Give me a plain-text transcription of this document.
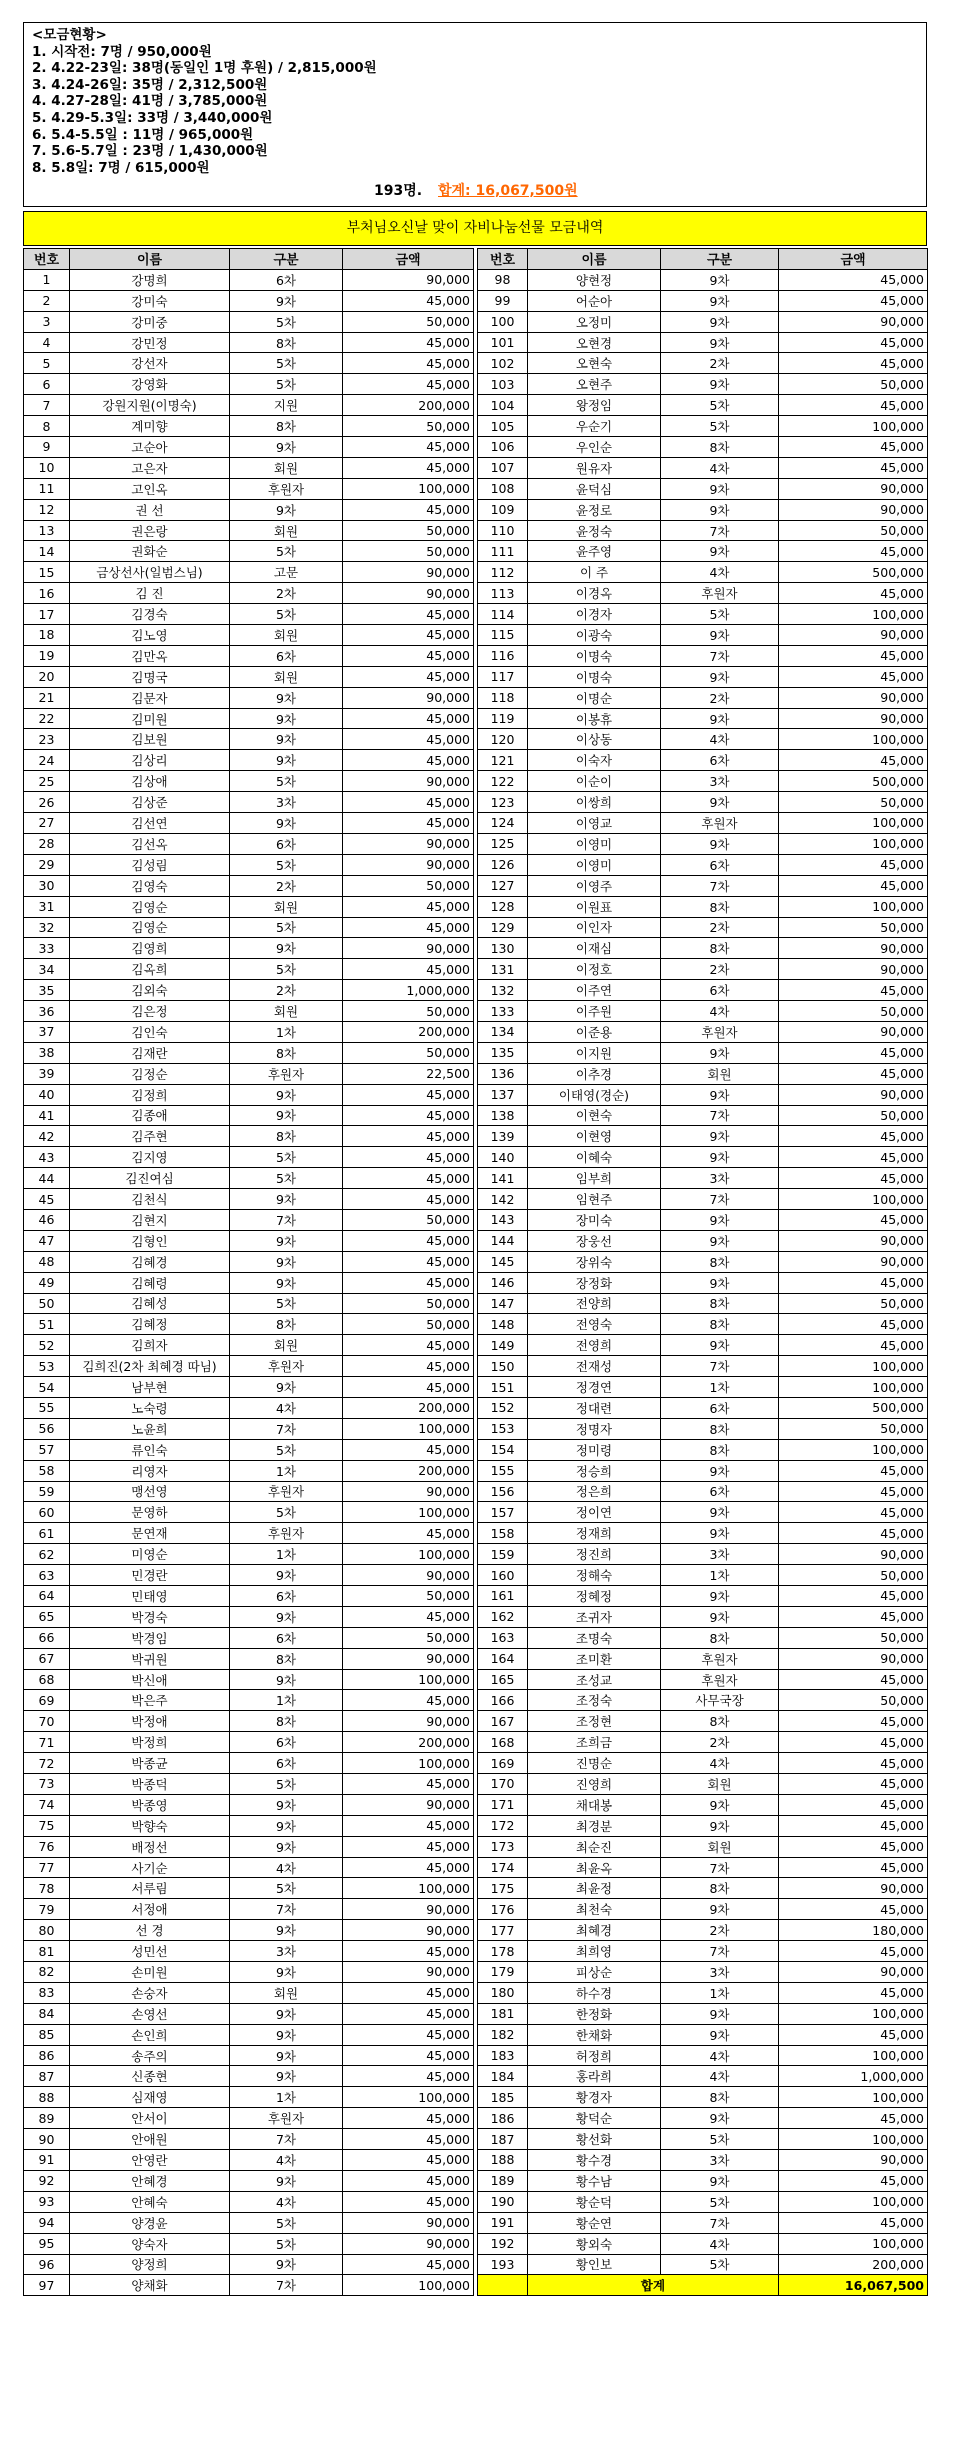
<모금현황>
1. 시작전: 7명 / 950,000원
2. 4.22-23일: 38명(동일인 1명 후원) / 2,815,000원
3. 4.24-26일: 35명 / 2,312,500원
4. 4.27-28일: 41명 / 3,785,000원
5. 4.29-5.3일: 33명 / 3,440,000원
6. 5.4-5.5일 : 11명 / 965,000원
7. 5.6-5.7일 : 23명 / 1,430,000원
8. 5.8일: 7명 / 615,000원
193명. 합계: 16,067,500원
부처님오신날 맞이 자비나눔선물 모금내역
번호	이름	구분	금액
1	강명희	6차	90,000
2	강미숙	9차	45,000
3	강미중	5차	50,000
4	강민정	8차	45,000
5	강선자	5차	45,000
6	강영화	5차	45,000
7	강원지원(이명숙)	지원	200,000
8	계미향	8차	50,000
9	고순아	9차	45,000
10	고은자	회원	45,000
11	고인옥	후원자	100,000
12	권 선	9차	45,000
13	권은랑	회원	50,000
14	권화순	5차	50,000
15	금상선사(일범스님)	고문	90,000
16	김 진	2차	90,000
17	김경숙	5차	45,000
18	김노영	회원	45,000
19	김만옥	6차	45,000
20	김명국	회원	45,000
21	김문자	9차	90,000
22	김미원	9차	45,000
23	김보원	9차	45,000
24	김상리	9차	45,000
25	김상애	5차	90,000
26	김상준	3차	45,000
27	김선연	9차	45,000
28	김선옥	6차	90,000
29	김성림	5차	90,000
30	김영숙	2차	50,000
31	김영순	회원	45,000
32	김영순	5차	45,000
33	김영희	9차	90,000
34	김옥희	5차	45,000
35	김외숙	2차	1,000,000
36	김은정	회원	50,000
37	김인숙	1차	200,000
38	김재란	8차	50,000
39	김정순	후원자	22,500
40	김정희	9차	45,000
41	김종애	9차	45,000
42	김주현	8차	45,000
43	김지영	5차	45,000
44	김진여심	5차	45,000
45	김천식	9차	45,000
46	김현지	7차	50,000
47	김형인	9차	45,000
48	김혜경	9차	45,000
49	김혜령	9차	45,000
50	김혜성	5차	50,000
51	김혜정	8차	50,000
52	김희자	회원	45,000
53	김희진(2차 최혜경 따님)	후원자	45,000
54	남부현	9차	45,000
55	노숙령	4차	200,000
56	노윤희	7차	100,000
57	류인숙	5차	45,000
58	리영자	1차	200,000
59	맹선영	후원자	90,000
60	문영하	5차	100,000
61	문연재	후원자	45,000
62	미영순	1차	100,000
63	민경란	9차	90,000
64	민태영	6차	50,000
65	박경숙	9차	45,000
66	박경임	6차	50,000
67	박귀원	8차	90,000
68	박신애	9차	100,000
69	박은주	1차	45,000
70	박정애	8차	90,000
71	박정희	6차	200,000
72	박종균	6차	100,000
73	박종덕	5차	45,000
74	박종영	9차	90,000
75	박향숙	9차	45,000
76	배정선	9차	45,000
77	사기순	4차	45,000
78	서루림	5차	100,000
79	서정애	7차	90,000
80	선 경	9차	90,000
81	성민선	3차	45,000
82	손미원	9차	90,000
83	손숭자	회원	45,000
84	손영선	9차	45,000
85	손인희	9차	45,000
86	송주의	9차	45,000
87	신종현	9차	45,000
88	심재영	1차	100,000
89	안서이	후원자	45,000
90	안애원	7차	45,000
91	안영란	4차	45,000
92	안혜경	9차	45,000
93	안혜숙	4차	45,000
94	양경윤	5차	90,000
95	양숙자	5차	90,000
96	양정희	9차	45,000
97	양채화	7차	100,000
번호	이름	구분	금액
98	양현정	9차	45,000
99	어순아	9차	45,000
100	오정미	9차	90,000
101	오현경	9차	45,000
102	오현숙	2차	45,000
103	오현주	9차	50,000
104	왕정임	5차	45,000
105	우순기	5차	100,000
106	우인순	8차	45,000
107	원유자	4차	45,000
108	윤덕심	9차	90,000
109	윤정로	9차	90,000
110	윤정숙	7차	50,000
111	윤주영	9차	45,000
112	이 주	4차	500,000
113	이경옥	후원자	45,000
114	이경자	5차	100,000
115	이광숙	9차	90,000
116	이명숙	7차	45,000
117	이명숙	9차	45,000
118	이명순	2차	90,000
119	이봉휴	9차	90,000
120	이상동	4차	100,000
121	이숙자	6차	45,000
122	이순이	3차	500,000
123	이쌍희	9차	50,000
124	이영교	후원자	100,000
125	이영미	9차	100,000
126	이영미	6차	45,000
127	이영주	7차	45,000
128	이원표	8차	100,000
129	이인자	2차	50,000
130	이재심	8차	90,000
131	이정호	2차	90,000
132	이주연	6차	45,000
133	이주원	4차	50,000
134	이준용	후원자	90,000
135	이지원	9차	45,000
136	이추경	회원	45,000
137	이태영(경순)	9차	90,000
138	이현숙	7차	50,000
139	이현영	9차	45,000
140	이혜숙	9차	45,000
141	임부희	3차	45,000
142	임현주	7차	100,000
143	장미숙	9차	45,000
144	장웅선	9차	90,000
145	장위숙	8차	90,000
146	장정화	9차	45,000
147	전양희	8차	50,000
148	전영숙	8차	45,000
149	전영희	9차	45,000
150	전재성	7차	100,000
151	정경연	1차	100,000
152	정대련	6차	500,000
153	정명자	8차	50,000
154	정미령	8차	100,000
155	정승희	9차	45,000
156	정은희	6차	45,000
157	정이연	9차	45,000
158	정재희	9차	45,000
159	정진희	3차	90,000
160	정해숙	1차	50,000
161	정혜정	9차	45,000
162	조귀자	9차	45,000
163	조명숙	8차	50,000
164	조미환	후원자	90,000
165	조성교	후원자	45,000
166	조정숙	사무국장	50,000
167	조정현	8차	45,000
168	조희금	2차	45,000
169	진명순	4차	45,000
170	진영희	회원	45,000
171	채대봉	9차	45,000
172	최경분	9차	45,000
173	최순진	회원	45,000
174	최윤옥	7차	45,000
175	최윤정	8차	90,000
176	최천숙	9차	45,000
177	최혜경	2차	180,000
178	최희영	7차	45,000
179	피상순	3차	90,000
180	하수경	1차	45,000
181	한정화	9차	100,000
182	한채화	9차	45,000
183	허정희	4차	100,000
184	홍라희	4차	1,000,000
185	황경자	8차	100,000
186	황덕순	9차	45,000
187	황선화	5차	100,000
188	황수경	3차	90,000
189	황수남	9차	45,000
190	황순덕	5차	100,000
191	황순연	7차	45,000
192	황외숙	4차	100,000
193	황인보	5차	200,000
	합계		16,067,500
